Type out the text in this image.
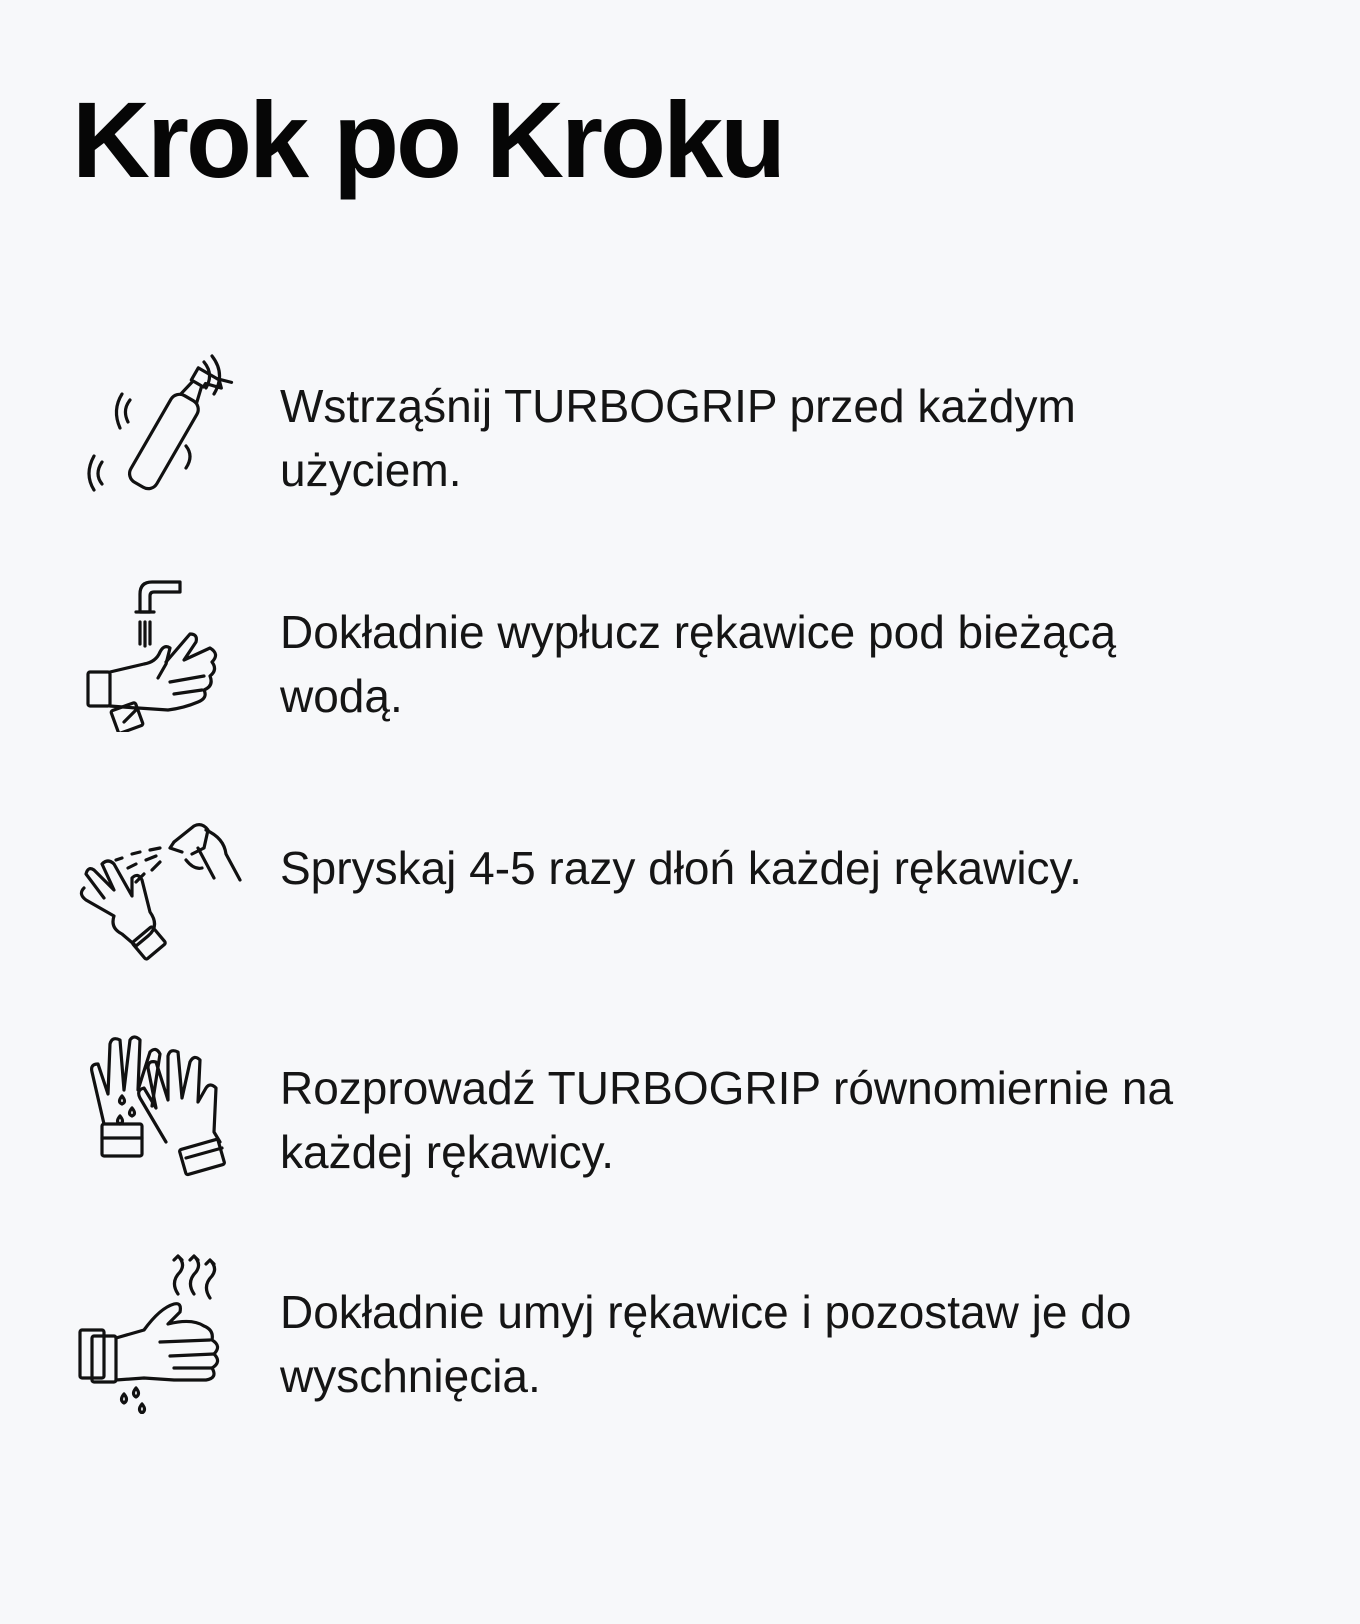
Krok po Kroku

Wstrząśnij TURBOGRIP przed każdym użyciem.

Dokładnie wypłucz rękawice pod bieżącą wodą.

Spryskaj 4-5 razy dłoń każdej rękawicy.

Rozprowadź TURBOGRIP równomiernie na każdej rękawicy.

Dokładnie umyj rękawice i pozostaw je do wyschnięcia.
